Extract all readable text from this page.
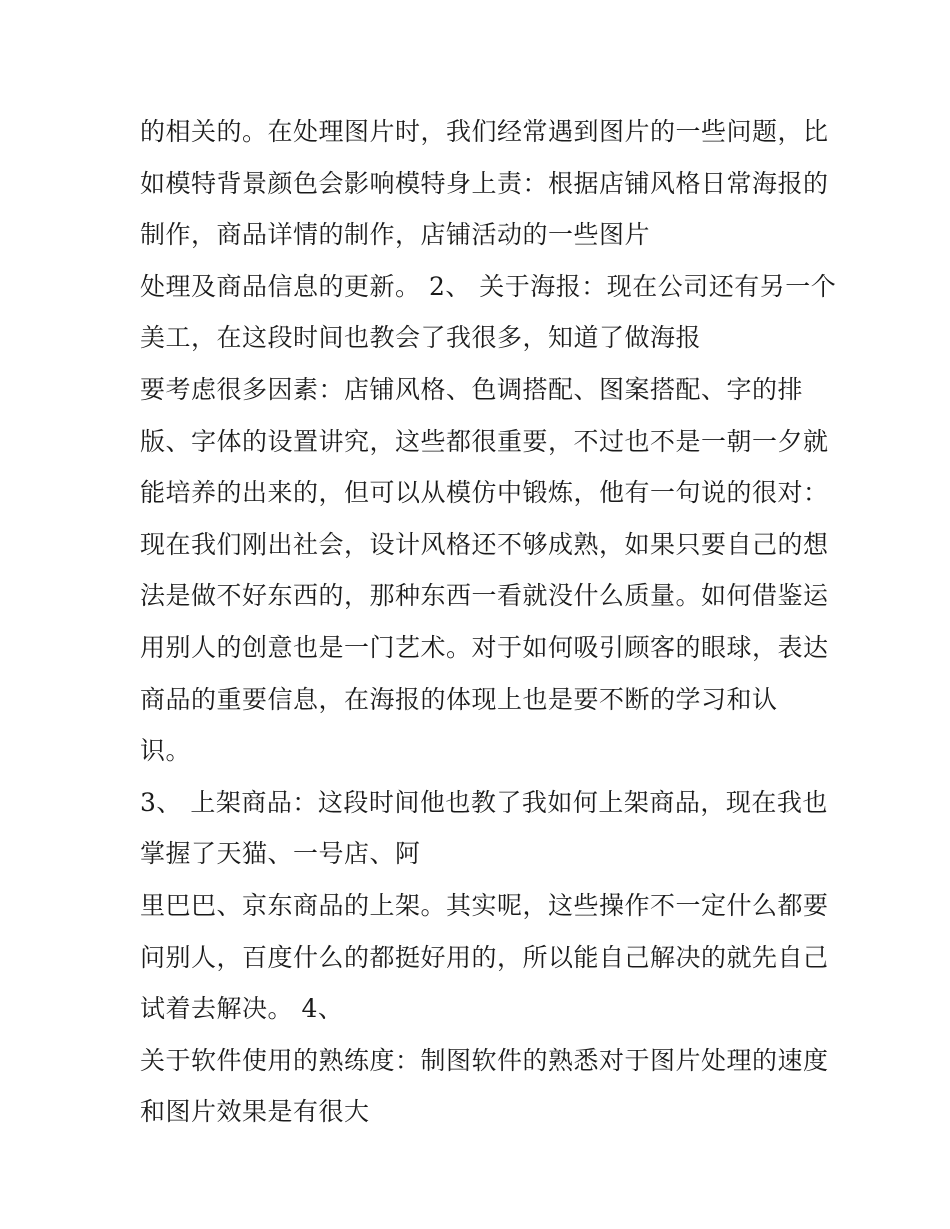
的相关的。在处理图片时，我们经常遇到图片的一些问题，比
如模特背景颜色会影响模特身上责：根据店铺风格日常海报的
制作，商品详情的制作，店铺活动的一些图片
处理及商品信息的更新。 2、 关于海报：现在公司还有另一个
美工，在这段时间也教会了我很多，知道了做海报
要考虑很多因素：店铺风格、色调搭配、图案搭配、字的排
版、字体的设置讲究，这些都很重要，不过也不是一朝一夕就
能培养的出来的，但可以从模仿中锻炼，他有一句说的很对：
现在我们刚出社会，设计风格还不够成熟，如果只要自己的想
法是做不好东西的，那种东西一看就没什么质量。如何借鉴运
用别人的创意也是一门艺术。对于如何吸引顾客的眼球，表达
商品的重要信息，在海报的体现上也是要不断的学习和认
识。
3、 上架商品：这段时间他也教了我如何上架商品，现在我也
掌握了天猫、一号店、阿
里巴巴、京东商品的上架。其实呢，这些操作不一定什么都要
问别人，百度什么的都挺好用的，所以能自己解决的就先自己
试着去解决。 4、
关于软件使用的熟练度：制图软件的熟悉对于图片处理的速度
和图片效果是有很大
